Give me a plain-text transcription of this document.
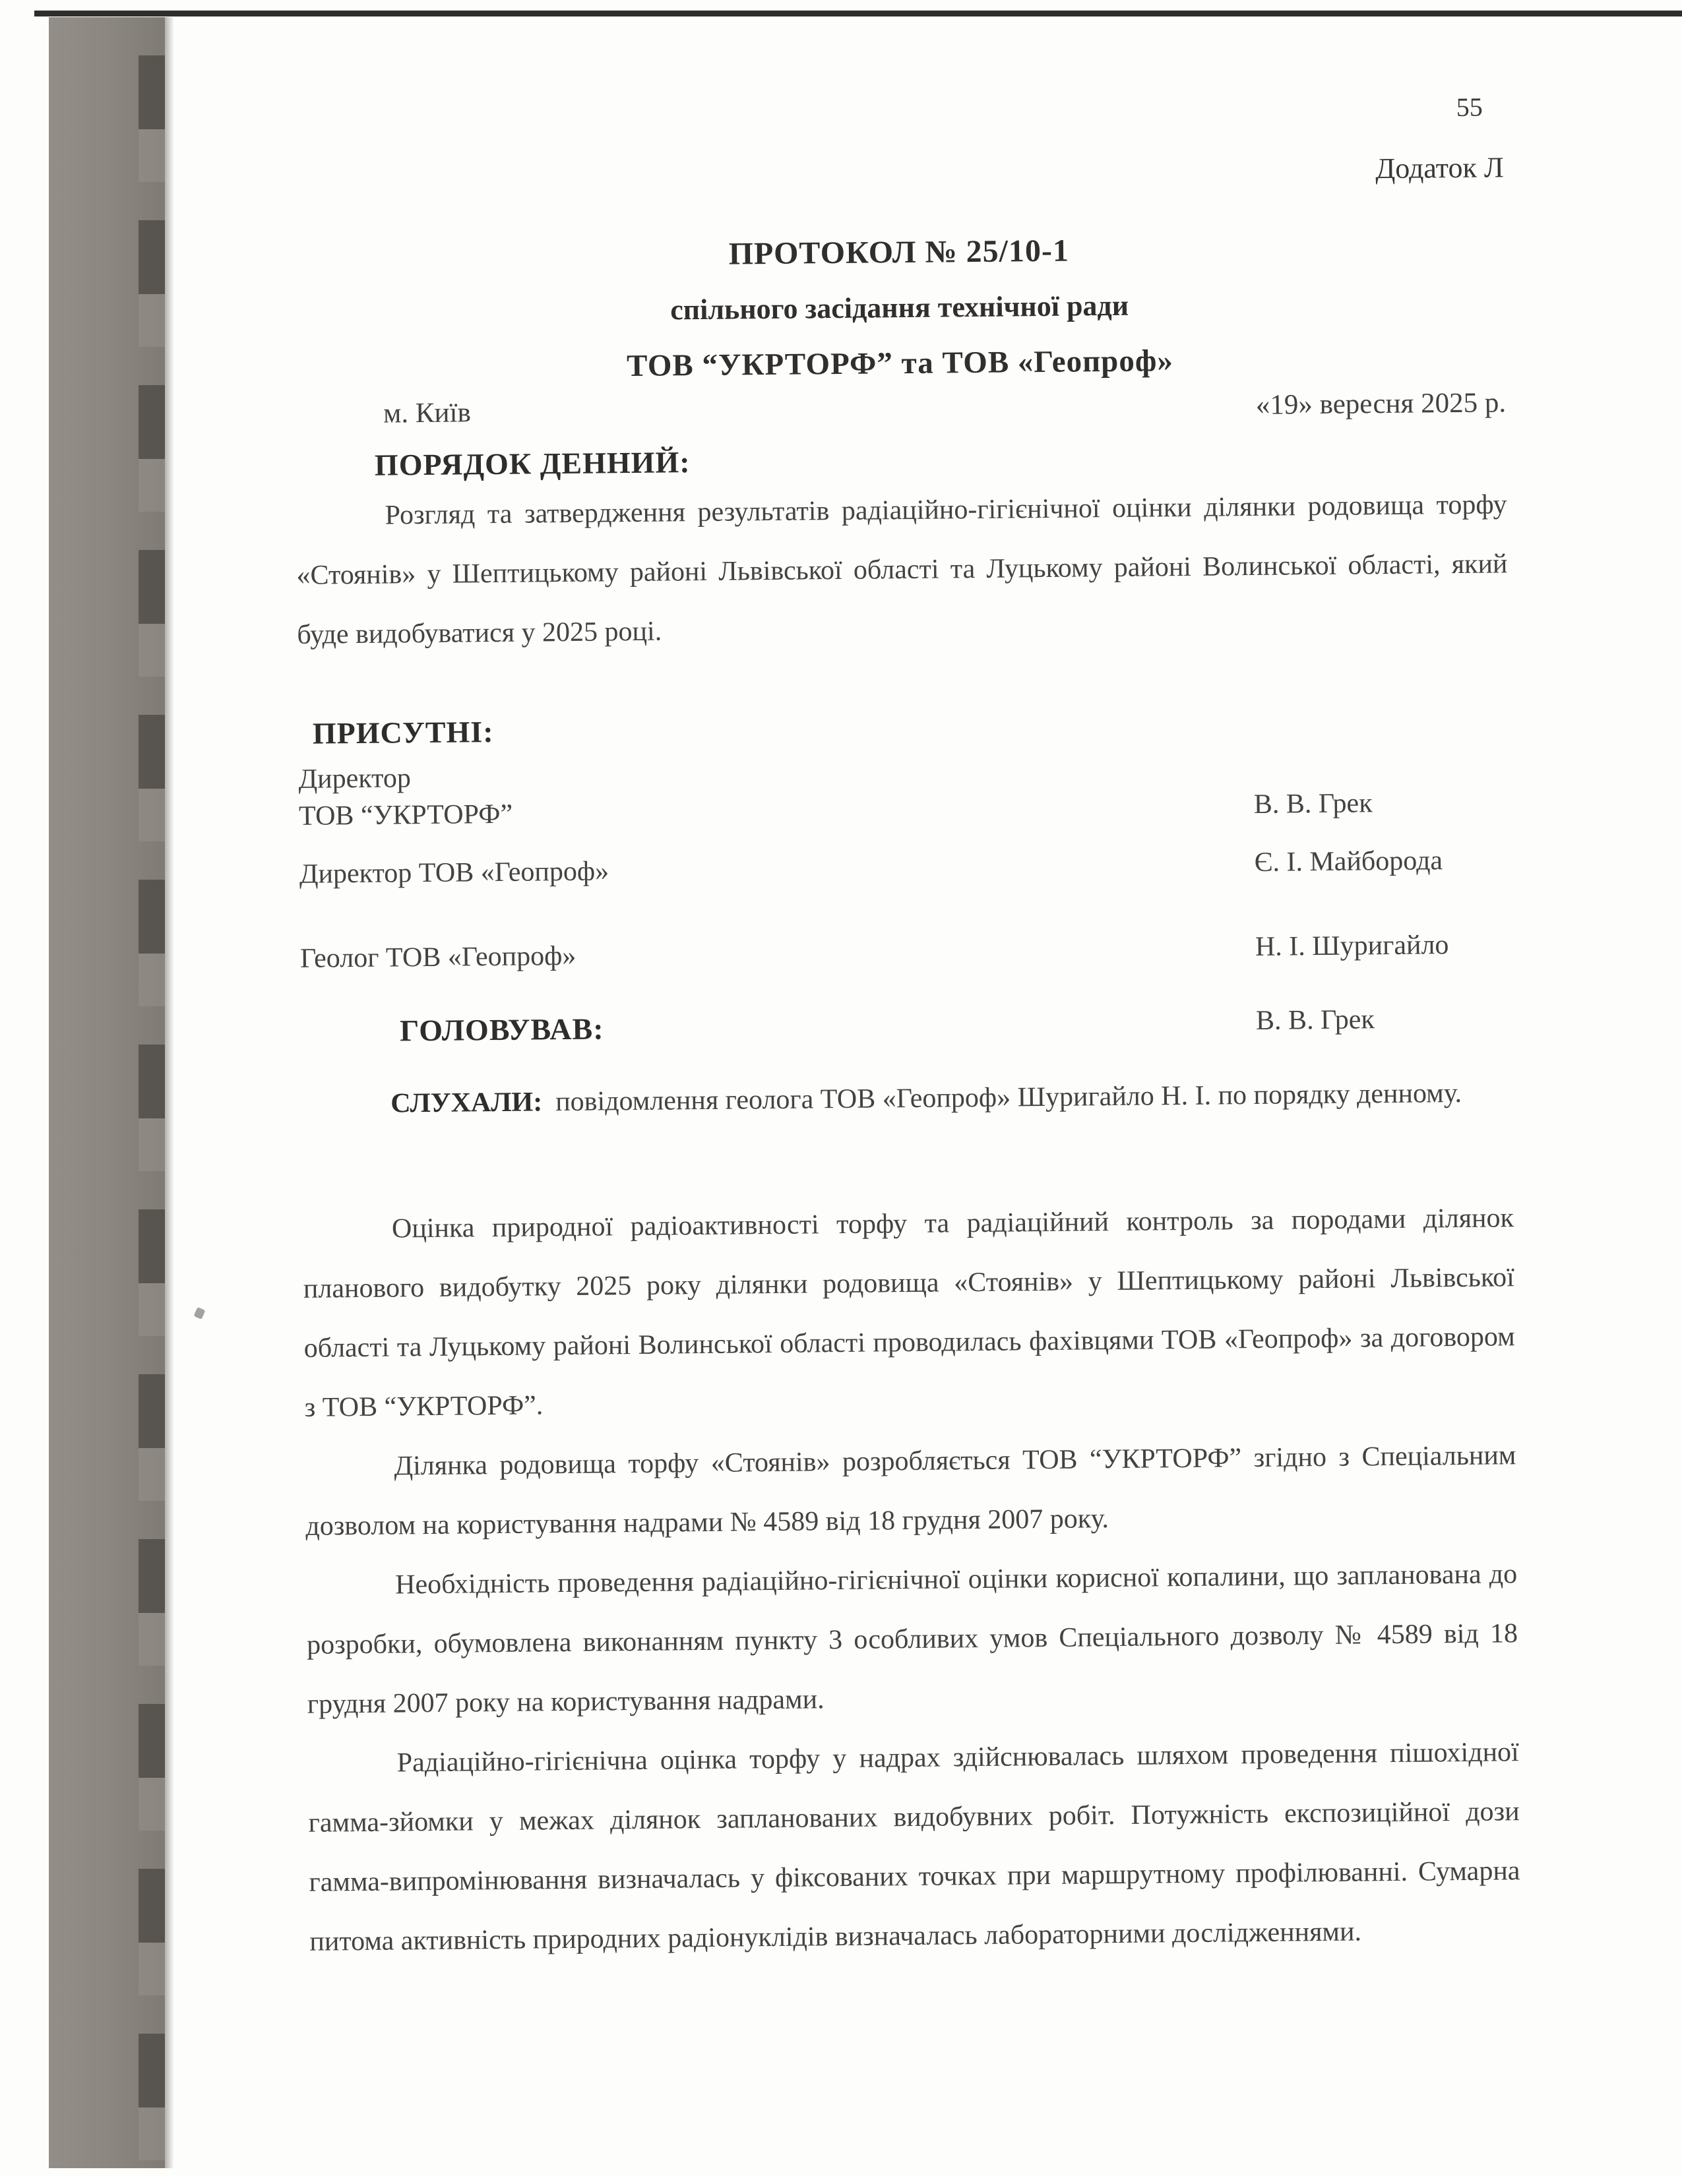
55
Додаток Л
ПРОТОКОЛ № 25/10-1
спільного засідання технічної ради
ТОВ “УКРТОРФ” та ТОВ «Геопроф»
м. Київ	«19» вересня 2025 р.
ПОРЯДОК ДЕННИЙ:
Розгляд та затвердження результатів радіаційно-гігієнічної оцінки ділянки родовища торфу «Стоянів» у Шептицькому районі Львівської області та Луцькому районі Волинської області, який буде видобуватися у 2025 році.
ПРИСУТНІ:
Директор
ТОВ “УКРТОРФ”	В. В. Грек
Директор ТОВ «Геопроф»	Є. І. Майборода
Геолог ТОВ «Геопроф»	Н. І. Шуригайло
ГОЛОВУВАВ:	В. В. Грек
СЛУХАЛИ: повідомлення геолога ТОВ «Геопроф» Шуригайло Н. І. по порядку денному.
Оцінка природної радіоактивності торфу та радіаційний контроль за породами ділянок планового видобутку 2025 року ділянки родовища «Стоянів» у Шептицькому районі Львівської області та Луцькому районі Волинської області проводилась фахівцями ТОВ «Геопроф» за договором з ТОВ “УКРТОРФ”.
Ділянка родовища торфу «Стоянів» розробляється ТОВ “УКРТОРФ” згідно з Спеціальним дозволом на користування надрами № 4589 від 18 грудня 2007 року.
Необхідність проведення радіаційно-гігієнічної оцінки корисної копалини, що запланована до розробки, обумовлена виконанням пункту 3 особливих умов Спеціального дозволу № 4589 від 18 грудня 2007 року на користування надрами.
Радіаційно-гігієнічна оцінка торфу у надрах здійснювалась шляхом проведення пішохідної гамма-зйомки у межах ділянок запланованих видобувних робіт. Потужність експозиційної дози гамма-випромінювання визначалась у фіксованих точках при маршрутному профілюванні. Сумарна питома активність природних радіонуклідів визначалась лабораторними дослідженнями.
